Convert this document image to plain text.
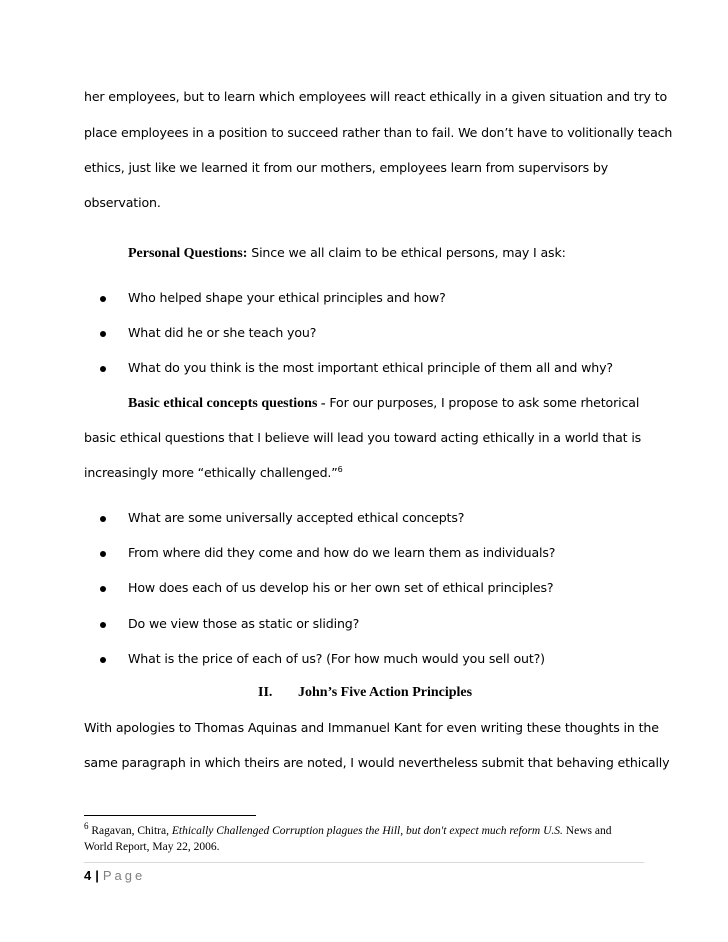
her employees, but to learn which employees will react ethically in a given situation and try to
place employees in a position to succeed rather than to fail. We don’t have to volitionally teach
ethics, just like we learned it from our mothers, employees learn from supervisors by
observation.
Personal Questions: Since we all claim to be ethical persons, may I ask:
Who helped shape your ethical principles and how?
What did he or she teach you?
What do you think is the most important ethical principle of them all and why?
Basic ethical concepts questions - For our purposes, I propose to ask some rhetorical
basic ethical questions that I believe will lead you toward acting ethically in a world that is
increasingly more “ethically challenged.”$^6$
What are some universally accepted ethical concepts?
From where did they come and how do we learn them as individuals?
How does each of us develop his or her own set of ethical principles?
Do we view those as static or sliding?
What is the price of each of us? (For how much would you sell out?)
II. John’s Five Action Principles
With apologies to Thomas Aquinas and Immanuel Kant for even writing these thoughts in the
same paragraph in which theirs are noted, I would nevertheless submit that behaving ethically
$^6$ Ragavan, Chitra, Ethically Challenged Corruption plagues the Hill, but don't expect much reform U.S. News and
World Report, May 22, 2006.
4 | Page
